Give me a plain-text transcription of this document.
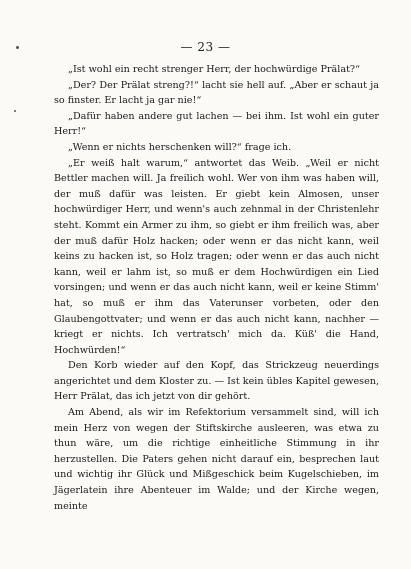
— 23 —

„Ist wohl ein recht strenger Herr, der hochwürdige Prälat?“

„Der? Der Prälat streng?!“ lacht sie hell auf. „Aber er schaut ja so finster. Er lacht ja gar nie!“

„Dafür haben andere gut lachen — bei ihm. Ist wohl ein guter Herr!“

„Wenn er nichts herschenken will?“ frage ich.

„Er weiß halt warum,“ antwortet das Weib. „Weil er nicht Bettler machen will. Ja freilich wohl. Wer von ihm was haben will, der muß dafür was leisten. Er giebt kein Almosen, unser hochwürdiger Herr, und wenn's auch zehnmal in der Christenlehr steht. Kommt ein Armer zu ihm, so giebt er ihm freilich was, aber der muß dafür Holz hacken; oder wenn er das nicht kann, weil keins zu hacken ist, so Holz tragen; oder wenn er das auch nicht kann, weil er lahm ist, so muß er dem Hochwürdigen ein Lied vorsingen; und wenn er das auch nicht kann, weil er keine Stimm' hat, so muß er ihm das Vaterunser vorbeten, oder den Glaubengottvater; und wenn er das auch nicht kann, nachher — kriegt er nichts. Ich vertratsch' mich da. Küß' die Hand, Hochwürden!“

Den Korb wieder auf den Kopf, das Strickzeug neuerdings angerichtet und dem Kloster zu. — Ist kein übles Kapitel gewesen, Herr Prälat, das ich jetzt von dir gehört.

Am Abend, als wir im Refektorium versammelt sind, will ich mein Herz von wegen der Stiftskirche ausleeren, was etwa zu thun wäre, um die richtige einheitliche Stimmung in ihr herzustellen. Die Paters gehen nicht darauf ein, besprechen laut und wichtig ihr Glück und Mißgeschick beim Kugelschieben, im Jägerlatein ihre Abenteuer im Walde; und der Kirche wegen, meinte
